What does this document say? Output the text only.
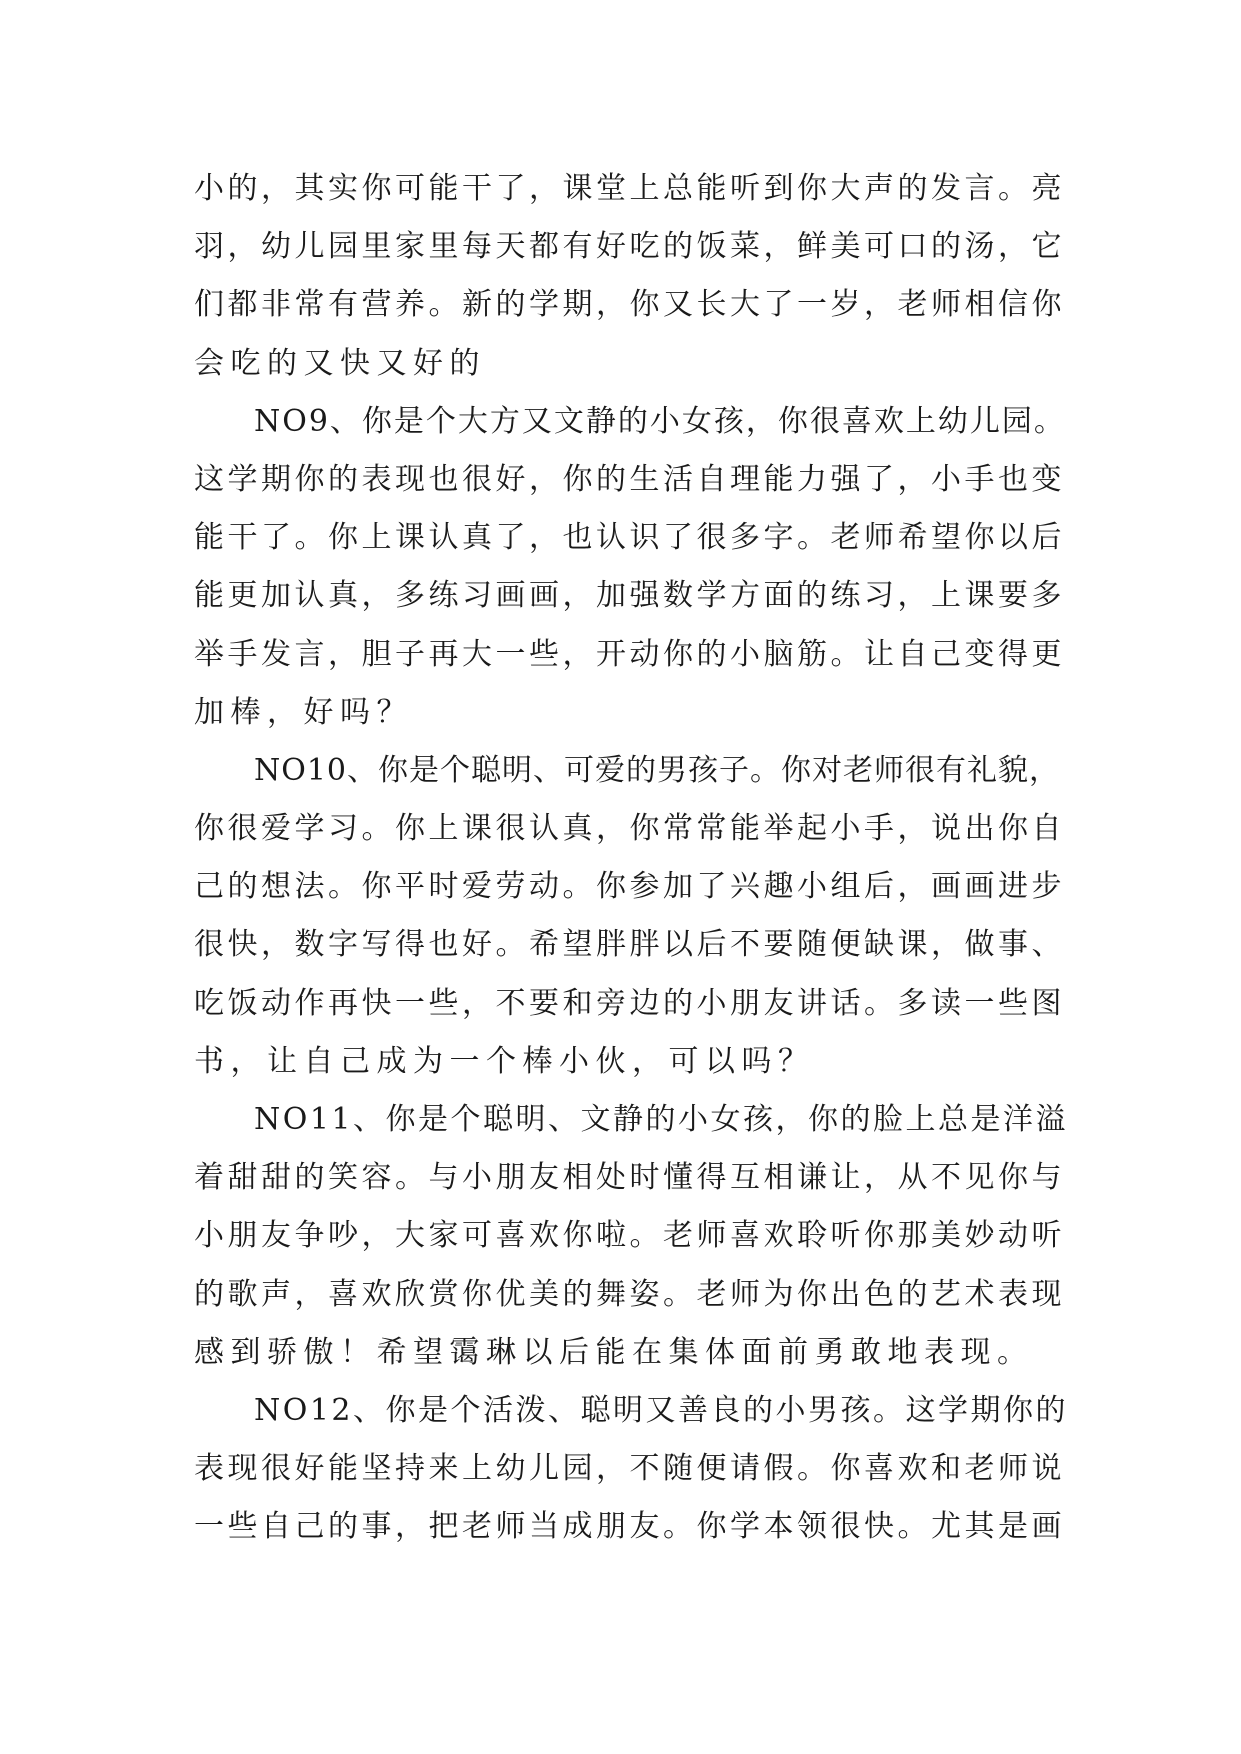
小的，其实你可能干了，课堂上总能听到你大声的发言。亮
羽，幼儿园里家里每天都有好吃的饭菜，鲜美可口的汤，它
们都非常有营养。新的学期，你又长大了一岁，老师相信你
会吃的又快又好的
NO9、你是个大方又文静的小女孩，你很喜欢上幼儿园。
这学期你的表现也很好，你的生活自理能力强了，小手也变
能干了。你上课认真了，也认识了很多字。老师希望你以后
能更加认真，多练习画画，加强数学方面的练习，上课要多
举手发言，胆子再大一些，开动你的小脑筋。让自己变得更
加棒，好吗？
NO10、你是个聪明、可爱的男孩子。你对老师很有礼貌，
你很爱学习。你上课很认真，你常常能举起小手，说出你自
己的想法。你平时爱劳动。你参加了兴趣小组后，画画进步
很快，数字写得也好。希望胖胖以后不要随便缺课，做事、
吃饭动作再快一些，不要和旁边的小朋友讲话。多读一些图
书，让自己成为一个棒小伙，可以吗？
NO11、你是个聪明、文静的小女孩，你的脸上总是洋溢
着甜甜的笑容。与小朋友相处时懂得互相谦让，从不见你与
小朋友争吵，大家可喜欢你啦。老师喜欢聆听你那美妙动听
的歌声，喜欢欣赏你优美的舞姿。老师为你出色的艺术表现
感到骄傲！希望霭琳以后能在集体面前勇敢地表现。
NO12、你是个活泼、聪明又善良的小男孩。这学期你的
表现很好能坚持来上幼儿园，不随便请假。你喜欢和老师说
一些自己的事，把老师当成朋友。你学本领很快。尤其是画
